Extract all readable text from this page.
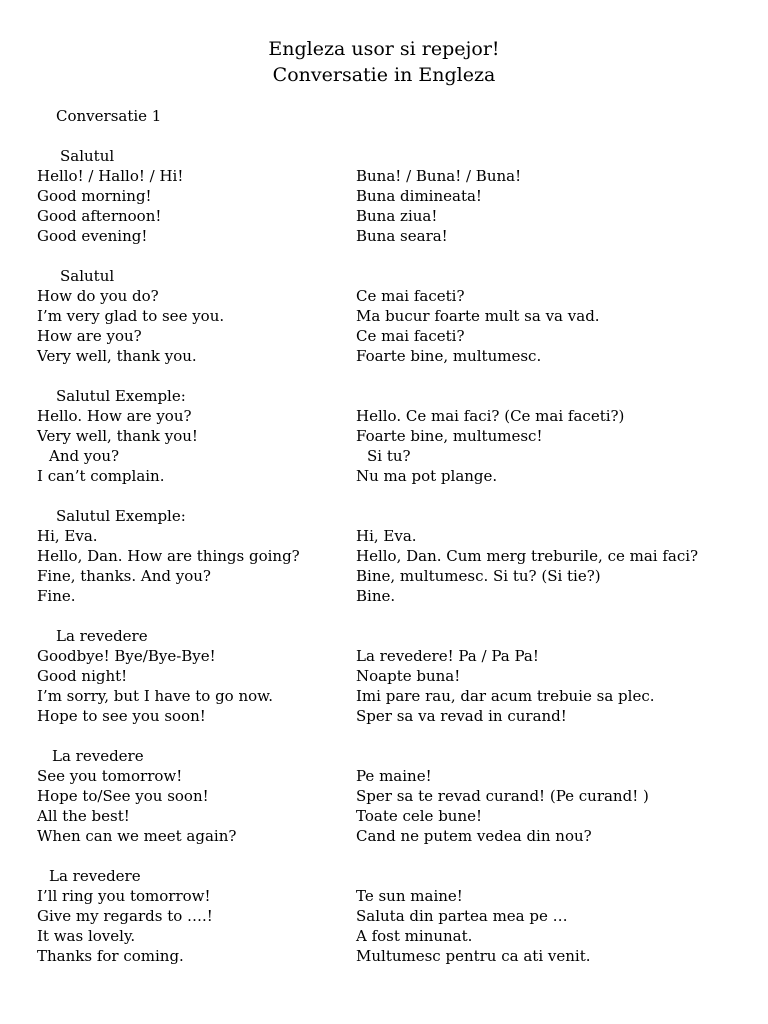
Engleza usor si repejor!
Conversatie in Engleza
Conversatie 1
Salutul
Hello! / Hallo! / Hi!	Buna! / Buna! / Buna!
Good morning!	Buna dimineata!
Good afternoon!	Buna ziua!
Good evening!	Buna seara!
Salutul
How do you do?	Ce mai faceti?
I’m very glad to see you.	Ma bucur foarte mult sa va vad.
How are you?	Ce mai faceti?
Very well, thank you.	Foarte bine, multumesc.
Salutul Exemple:
Hello. How are you?	Hello. Ce mai faci? (Ce mai faceti?)
Very well, thank you!	Foarte bine, multumesc!
And you?	Si tu?
I can’t complain.	Nu ma pot plange.
Salutul Exemple:
Hi, Eva.	Hi, Eva.
Hello, Dan. How are things going?	Hello, Dan. Cum merg treburile, ce mai faci?
Fine, thanks. And you?	Bine, multumesc. Si tu? (Si tie?)
Fine.	Bine.
La revedere
Goodbye! Bye/Bye-Bye!	La revedere! Pa / Pa Pa!
Good night!	Noapte buna!
I’m sorry, but I have to go now.	Imi pare rau, dar acum trebuie sa plec.
Hope to see you soon!	Sper sa va revad in curand!
La revedere
See you tomorrow!	Pe maine!
Hope to/See you soon!	Sper sa te revad curand! (Pe curand! )
All the best!	Toate cele bune!
When can we meet again?	Cand ne putem vedea din nou?
La revedere
I’ll ring you tomorrow!	Te sun maine!
Give my regards to ….!	Saluta din partea mea pe …
It was lovely.	A fost minunat.
Thanks for coming.	Multumesc pentru ca ati venit.
